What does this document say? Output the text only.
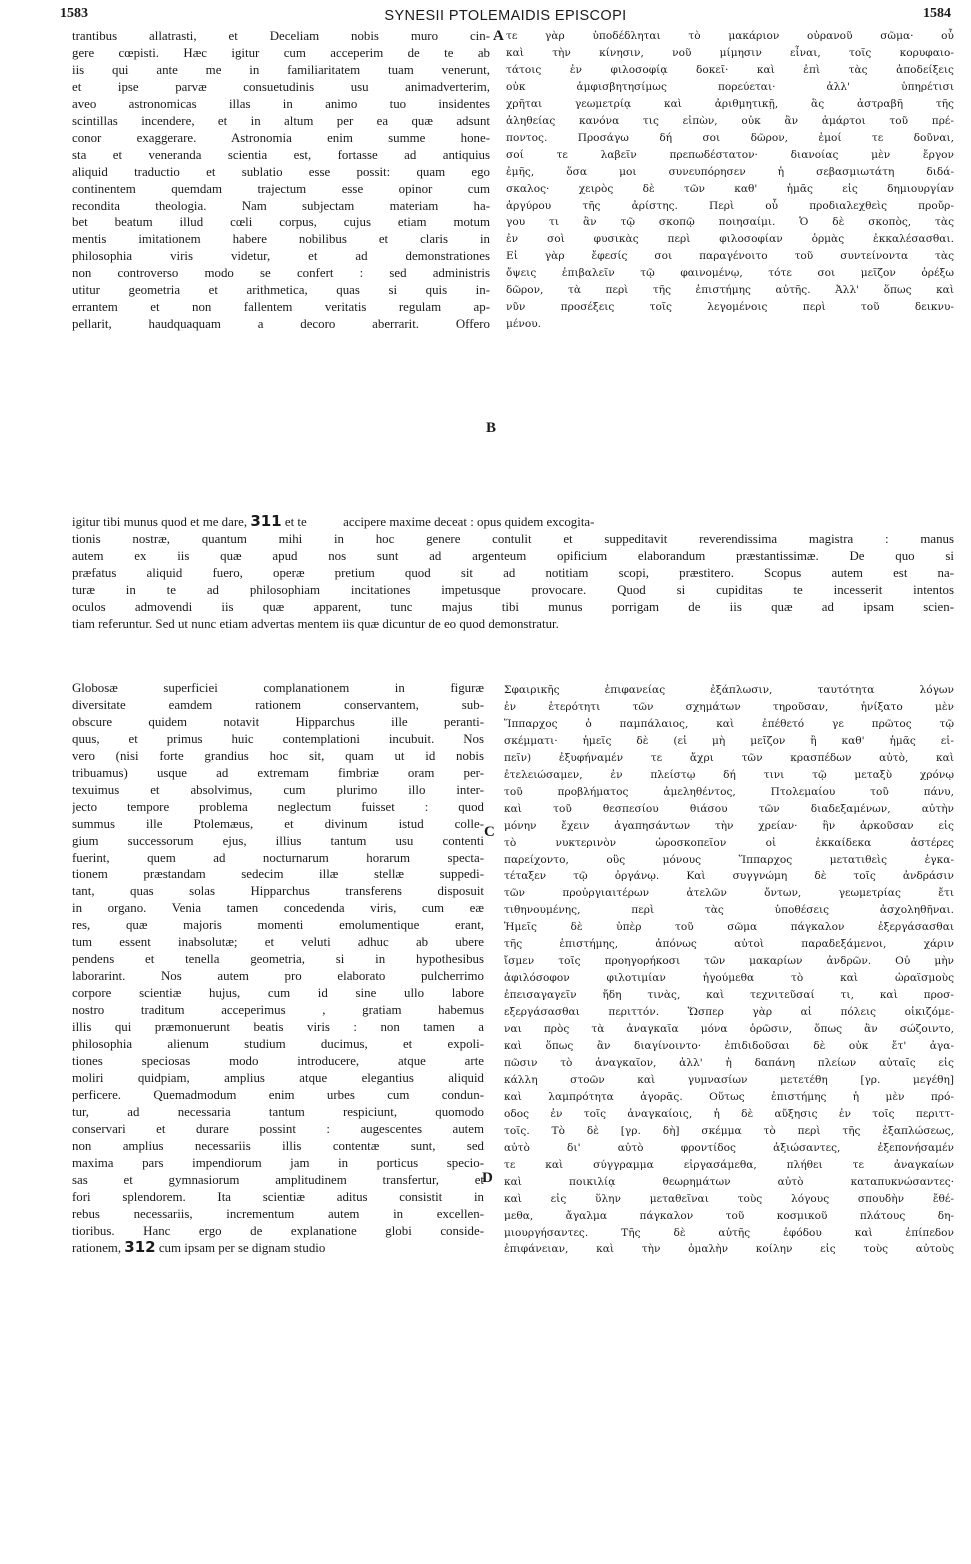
1583	SYNESII PTOLEMAIDIS EPISCOPI	1584
A
B
C
D
trantibus allatrasti, et Deceliam nobis muro cin-
gere cœpisti. Hæc igitur cum acceperim de te ab
iis qui ante me in familiaritatem tuam venerunt,
et ipse parvæ consuetudinis usu animadverterim,
aveo astronomicas illas in animo tuo insidentes
scintillas incendere, et in altum per ea quæ adsunt
conor exaggerare. Astronomia enim summe hone-
sta et veneranda scientia est, fortasse ad antiquius
aliquid traductio et sublatio esse possit: quam ego
continentem quemdam trajectum esse opinor cum
recondita theologia. Nam subjectam materiam ha-
bet beatum illud cœli corpus, cujus etiam motum
mentis imitationem habere nobilibus et claris in
philosophia viris videtur, et ad demonstrationes
non controverso modo se confert : sed administris
utitur geometria et arithmetica, quas si quis in-
errantem et non fallentem veritatis regulam ap-
pellarit, haudquaquam a decoro aberrarit. Offero
τε γὰρ ὑποδέδληται τὸ μακάριον οὐρανοῦ σῶμα· οὗ
καὶ τὴν κίνησιν, νοῦ μίμησιν εἶναι, τοῖς κορυφαιο-
τάτοις ἐν φιλοσοφίᾳ δοκεῖ· καὶ ἐπὶ τὰς ἀποδείξεις
οὐκ ἀμφισβητησίμως πορεύεται· ἀλλ' ὑπηρέτισι
χρῆται γεωμετρίᾳ καὶ ἀριθμητικῇ, ἃς ἀστραβῆ τῆς
ἀληθείας κανόνα τις εἰπὼν, οὐκ ἂν ἁμάρτοι τοῦ πρέ-
ποντος. Προσάγω δή σοι δῶρον, ἐμοί τε δοῦναι,
σοί τε λαβεῖν πρεπωδέστατον· διανοίας μὲν ἔργον
ἐμῆς, ὅσα μοι συνευπόρησεν ἡ σεβασμιωτάτη διδά-
σκαλος· χειρὸς δὲ τῶν καθ' ἡμᾶς εἰς δημιουργίαν
ἀργύρου τῆς ἀρίστης. Περὶ οὗ προδιαλεχθεὶς προὔρ-
γου τι ἂν τῷ σκοπῷ ποιησαίμι. Ὁ δὲ σκοπὸς, τὰς
ἐν σοὶ φυσικὰς περὶ φιλοσοφίαν ὁρμὰς ἐκκαλέσασθαι.
Εἰ γὰρ ἔφεσίς σοι παραγένοιτο τοῦ συντείνοντα τὰς
ὄψεις ἐπιβαλεῖν τῷ φαινομένῳ, τότε σοι μεῖζον ὀρέξω
δῶρον, τὰ περὶ τῆς ἐπιστήμης αὐτῆς. Ἀλλ' ὅπως καὶ
νῦν προσέξεις τοῖς λεγομένοις περὶ τοῦ δεικνυ-
μένου.
igitur tibi munus quod et me dare, 311 et te	accipere maxime deceat : opus quidem excogita-
tionis nostræ, quantum mihi in hoc genere contulit et suppeditavit reverendissima magistra : manus
autem ex iis quæ apud nos sunt ad argenteum opificium elaborandum præstantissimæ. De quo si
præfatus aliquid fuero, operæ pretium quod sit ad notitiam scopi, præstitero. Scopus autem est na-
turæ in te ad philosophiam incitationes impetusque provocare. Quod si cupiditas te incesserit intentos
oculos admovendi iis quæ apparent, tunc majus tibi munus porrigam de iis quæ ad ipsam scien-
tiam referuntur. Sed ut nunc etiam advertas mentem iis quæ dicuntur de eo quod demonstratur.
Globosæ superficiei complanationem in figuræ
diversitate eamdem rationem conservantem, sub-
obscure quidem notavit Hipparchus ille peranti-
quus, et primus huic contemplationi incubuit. Nos
vero (nisi forte grandius hoc sit, quam ut id nobis
tribuamus) usque ad extremam fimbriæ oram per-
texuimus et absolvimus, cum plurimo illo inter-
jecto tempore problema neglectum fuisset : quod
summus ille Ptolemæus, et divinum istud colle-
gium successorum ejus, illius tantum usu contenti
fuerint, quem ad nocturnarum horarum specta-
tionem præstandam sedecim illæ stellæ suppedi-
tant, quas solas Hipparchus transferens disposuit
in organo. Venia tamen concedenda viris, cum eæ
res, quæ majoris momenti emolumentique erant,
tum essent inabsolutæ; et veluti adhuc ab ubere
pendens et tenella geometria, si in hypothesibus
laborarint. Nos autem pro elaborato pulcherrimo
corpore scientiæ hujus, cum id sine ullo labore
nostro traditum acceperimus , gratiam habemus
illis qui præmonuerunt beatis viris : non tamen a
philosophia alienum studium ducimus, et expoli-
tiones speciosas modo introducere, atque arte
moliri quidpiam, amplius atque elegantius aliquid
perficere. Quemadmodum enim urbes cum condun-
tur, ad necessaria tantum respiciunt, quomodo
conservari et durare possint : augescentes autem
non amplius necessariis illis contentæ sunt, sed
maxima pars impendiorum jam in porticus specio-
sas et gymnasiorum amplitudinem transfertur, et
fori splendorem. Ita scientiæ aditus consistit in
rebus necessariis, incrementum autem in excellen-
tioribus. Hanc ergo de explanatione globi conside-
rationem, 312 cum ipsam per se dignam studio
Σφαιρικῆς ἐπιφανείας ἐξάπλωσιν, ταυτότητα λόγων
ἐν ἑτερότητι τῶν σχημάτων τηροῦσαν, ἠνίξατο μὲν
Ἵππαρχος ὁ παμπάλαιος, καὶ ἐπέθετό γε πρῶτος τῷ
σκέμματι· ἡμεῖς δὲ (εἰ μὴ μεῖζον ἢ καθ' ἡμᾶς εἰ-
πεῖν) ἐξυφήναμέν τε ἄχρι τῶν κρασπέδων αὐτὸ, καὶ
ἐτελειώσαμεν, ἐν πλείστῳ δή τινι τῷ μεταξὺ χρόνῳ
τοῦ προβλήματος ἀμεληθέντος, Πτολεμαίου τοῦ πάνυ,
καὶ τοῦ θεσπεσίου θιάσου τῶν διαδεξαμένων, αὐτὴν
μόνην ἔχειν ἀγαπησάντων τὴν χρείαν· ἣν ἀρκοῦσαν εἰς
τὸ νυκτερινὸν ὡροσκοπεῖον οἱ ἑκκαίδεκα ἀστέρες
παρείχοντο, οὓς μόνους Ἵππαρχος μετατιθεὶς ἐγκα-
τέταξεν τῷ ὀργάνῳ. Καὶ συγγνώμη δὲ τοῖς ἀνδράσιν
τῶν προὐργιαιτέρων ἀτελῶν ὄντων, γεωμετρίας ἔτι
τιθηνουμένης, περὶ τὰς ὑποθέσεις ἀσχοληθῆναι.
Ἡμεῖς δὲ ὑπὲρ τοῦ σῶμα πάγκαλον ἐξεργάσασθαι
τῆς ἐπιστήμης, ἀπόνως αὐτοὶ παραδεξάμενοι, χάριν
ἴσμεν τοῖς προηγορήκοσι τῶν μακαρίων ἀνδρῶν. Οὐ μὴν
ἀφιλόσοφον φιλοτιμίαν ἡγούμεθα τὸ καὶ ὡραϊσμοὺς
ἐπεισαγαγεῖν ἤδη τινὰς, καὶ τεχνιτεῦσαί τι, καὶ προσ-
εξεργάσασθαι περιττόν. Ὥσπερ γὰρ αἱ πόλεις οἰκιζόμε-
ναι πρὸς τὰ ἀναγκαῖα μόνα ὁρῶσιν, ὅπως ἂν σώζοιντο,
καὶ ὅπως ἂν διαγίνοιντο· ἐπιδιδοῦσαι δὲ οὐκ ἔτ' ἀγα-
πῶσιν τὸ ἀναγκαῖον, ἀλλ' ἡ δαπάνη πλείων αὐταῖς εἰς
κάλλη στοῶν καὶ γυμνασίων μετετέθη [γρ. μεγέθη]
καὶ λαμπρότητα ἀγορᾶς. Οὕτως ἐπιστήμης ἡ μὲν πρό-
οδος ἐν τοῖς ἀναγκαίοις, ἡ δὲ αὔξησις ἐν τοῖς περιττ-
τοῖς. Τὸ δὲ [γρ. δὴ] σκέμμα τὸ περὶ τῆς ἐξαπλώσεως,
αὐτὸ δι' αὐτὸ φροντίδος ἀξιώσαντες, ἐξεπονήσαμέν
τε καὶ σύγγραμμα εἰργασάμεθα, πλήθει τε ἀναγκαίων
καὶ ποικιλίᾳ θεωρημάτων αὐτὸ καταπυκνώσαντες·
καὶ εἰς ὕλην μεταθεῖναι τοὺς λόγους σπουδὴν ἔθέ-
μεθα, ἄγαλμα πάγκαλον τοῦ κοσμικοῦ πλάτους δη-
μιουργήσαντες. Τῆς δὲ αὐτῆς ἐφόδου καὶ ἐπίπεδον
ἐπιφάνειαν, καὶ τὴν ὁμαλὴν κοίλην εἰς τοὺς αὐτοὺς
